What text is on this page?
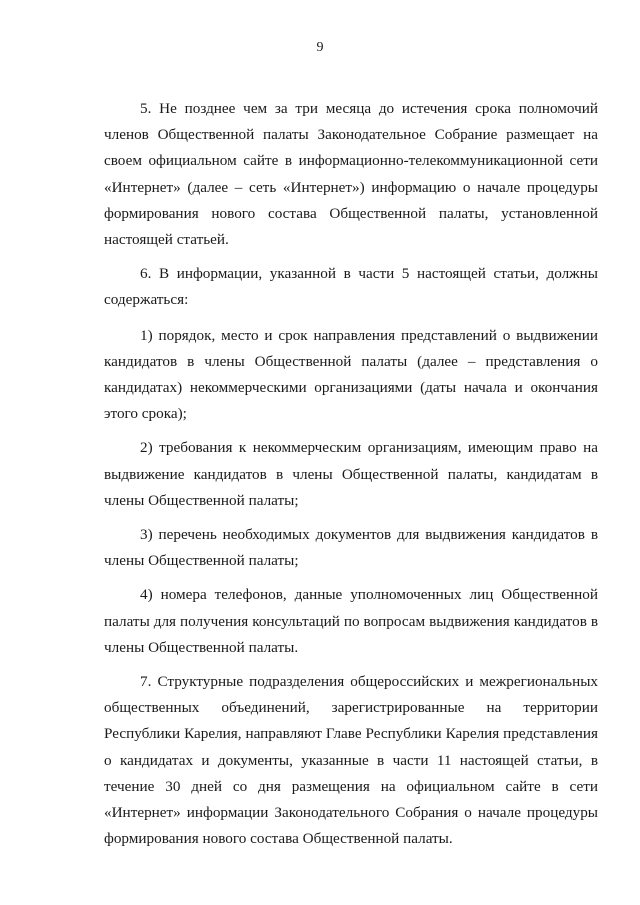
9

5. Не позднее чем за три месяца до истечения срока полномочий членов Общественной палаты Законодательное Собрание размещает на своем официальном сайте в информационно-телекоммуникационной сети «Интернет» (далее – сеть «Интернет») информацию о начале процедуры формирования нового состава Общественной палаты, установленной настоящей статьей.

6. В информации, указанной в части 5 настоящей статьи, должны содержаться:

1) порядок, место и срок направления представлений о выдвижении кандидатов в члены Общественной палаты (далее – представления о кандидатах) некоммерческими организациями (даты начала и окончания этого срока);

2) требования к некоммерческим организациям, имеющим право на выдвижение кандидатов в члены Общественной палаты, кандидатам в члены Общественной палаты;

3) перечень необходимых документов для выдвижения кандидатов в члены Общественной палаты;

4) номера телефонов, данные уполномоченных лиц Общественной палаты для получения консультаций по вопросам выдвижения кандидатов в члены Общественной палаты.

7. Структурные подразделения общероссийских и межрегиональных общественных объединений, зарегистрированные на территории Республики Карелия, направляют Главе Республики Карелия представления о кандидатах и документы, указанные в части 11 настоящей статьи, в течение 30 дней со дня размещения на официальном сайте в сети «Интернет» информации Законодательного Собрания о начале процедуры формирования нового состава Общественной палаты.
